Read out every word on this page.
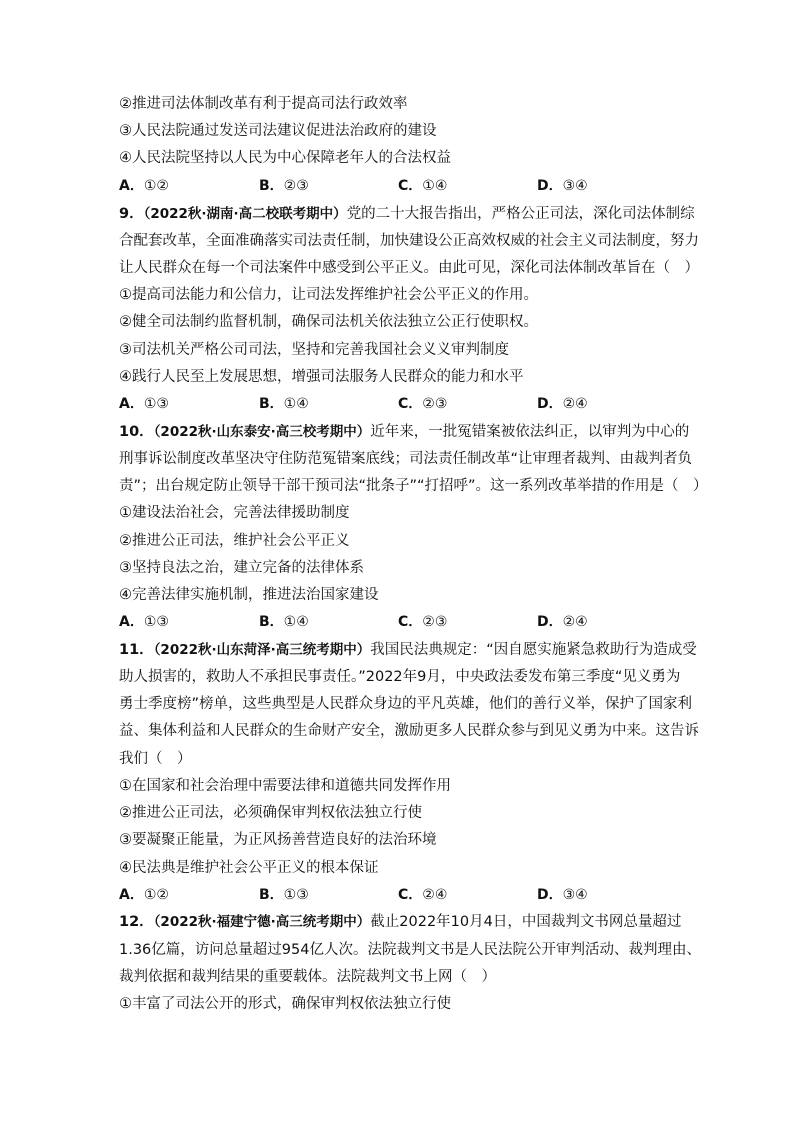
②推进司法体制改革有利于提高司法行政效率
③人民法院通过发送司法建议促进法治政府的建设
④人民法院坚持以人民为中心保障老年人的合法权益
A．①②	B．②③	C．①④	D．③④
9．（2022秋·湖南·高二校联考期中）党的二十大报告指出，严格公正司法，深化司法体制综
合配套改革，全面准确落实司法责任制，加快建设公正高效权威的社会主义司法制度，努力
让人民群众在每一个司法案件中感受到公平正义。由此可见，深化司法体制改革旨在（　）
①提高司法能力和公信力，让司法发挥维护社会公平正义的作用。
②健全司法制约监督机制，确保司法机关依法独立公正行使职权。
③司法机关严格公司司法，坚持和完善我国社会义义审判制度
④践行人民至上发展思想，增强司法服务人民群众的能力和水平
A．①③	B．①④	C．②③	D．②④
10．（2022秋·山东泰安·高三校考期中）近年来，一批冤错案被依法纠正，以审判为中心的
刑事诉讼制度改革坚决守住防范冤错案底线；司法责任制改革“让审理者裁判、由裁判者负
责”；出台规定防止领导干部干预司法“批条子”“打招呼”。这一系列改革举措的作用是（　）
①建设法治社会，完善法律援助制度
②推进公正司法，维护社会公平正义
③坚持良法之治，建立完备的法律体系
④完善法律实施机制，推进法治国家建设
A．①③	B．①④	C．②③	D．②④
11．（2022秋·山东菏泽·高三统考期中）我国民法典规定：“因自愿实施紧急救助行为造成受
助人损害的，救助人不承担民事责任。”2022年9月，中央政法委发布第三季度“见义勇为
勇士季度榜”榜单，这些典型是人民群众身边的平凡英雄，他们的善行义举，保护了国家利
益、集体利益和人民群众的生命财产安全，激励更多人民群众参与到见义勇为中来。这告诉
我们（　）
①在国家和社会治理中需要法律和道德共同发挥作用
②推进公正司法，必须确保审判权依法独立行使
③要凝聚正能量，为正风扬善营造良好的法治环境
④民法典是维护社会公平正义的根本保证
A．①②	B．①③	C．②④	D．③④
12．（2022秋·福建宁德·高三统考期中）截止2022年10月4日，中国裁判文书网总量超过
1.36亿篇，访问总量超过954亿人次。法院裁判文书是人民法院公开审判活动、裁判理由、
裁判依据和裁判结果的重要载体。法院裁判文书上网（　）
①丰富了司法公开的形式，确保审判权依法独立行使
